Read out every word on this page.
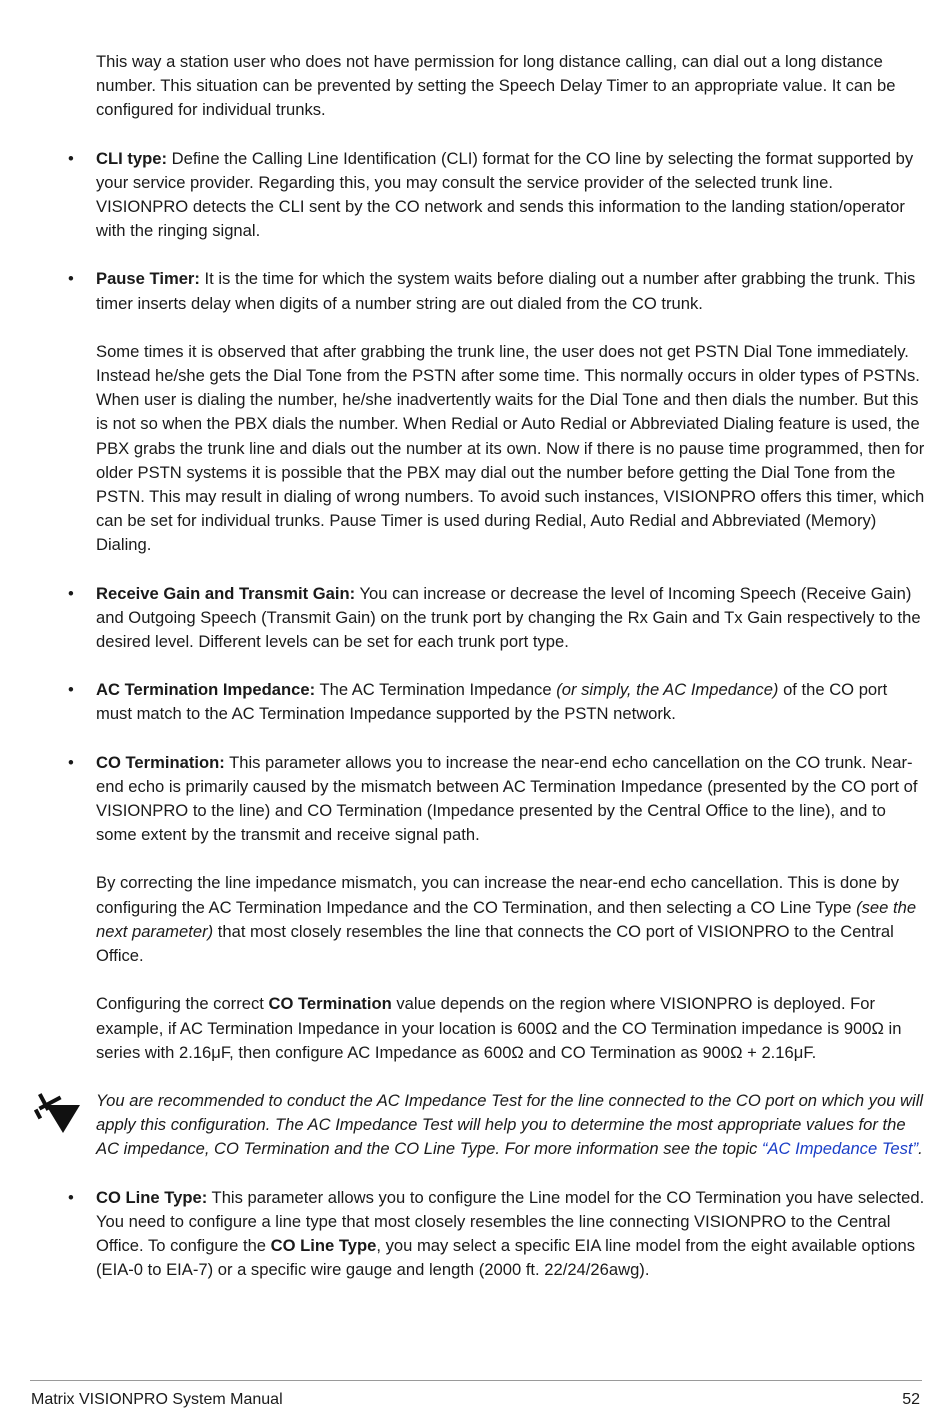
This way a station user who does not have permission for long distance calling, can dial out a long distance number. This situation can be prevented by setting the Speech Delay Timer to an appropriate value. It can be configured for individual trunks.

• CLI type: Define the Calling Line Identification (CLI) format for the CO line by selecting the format supported by your service provider. Regarding this, you may consult the service provider of the selected trunk line. VISIONPRO detects the CLI sent by the CO network and sends this information to the landing station/operator with the ringing signal.

• Pause Timer: It is the time for which the system waits before dialing out a number after grabbing the trunk. This timer inserts delay when digits of a number string are out dialed from the CO trunk.

Some times it is observed that after grabbing the trunk line, the user does not get PSTN Dial Tone immediately. Instead he/she gets the Dial Tone from the PSTN after some time. This normally occurs in older types of PSTNs. When user is dialing the number, he/she inadvertently waits for the Dial Tone and then dials the number. But this is not so when the PBX dials the number. When Redial or Auto Redial or Abbreviated Dialing feature is used, the PBX grabs the trunk line and dials out the number at its own. Now if there is no pause time programmed, then for older PSTN systems it is possible that the PBX may dial out the number before getting the Dial Tone from the PSTN. This may result in dialing of wrong numbers. To avoid such instances, VISIONPRO offers this timer, which can be set for individual trunks. Pause Timer is used during Redial, Auto Redial and Abbreviated (Memory) Dialing.

• Receive Gain and Transmit Gain: You can increase or decrease the level of Incoming Speech (Receive Gain) and Outgoing Speech (Transmit Gain) on the trunk port by changing the Rx Gain and Tx Gain respectively to the desired level. Different levels can be set for each trunk port type.

• AC Termination Impedance: The AC Termination Impedance (or simply, the AC Impedance) of the CO port must match to the AC Termination Impedance supported by the PSTN network.

• CO Termination: This parameter allows you to increase the near-end echo cancellation on the CO trunk. Near-end echo is primarily caused by the mismatch between AC Termination Impedance (presented by the CO port of VISIONPRO to the line) and CO Termination (Impedance presented by the Central Office to the line), and to some extent by the transmit and receive signal path.

By correcting the line impedance mismatch, you can increase the near-end echo cancellation. This is done by configuring the AC Termination Impedance and the CO Termination, and then selecting a CO Line Type (see the next parameter) that most closely resembles the line that connects the CO port of VISIONPRO to the Central Office.

Configuring the correct CO Termination value depends on the region where VISIONPRO is deployed. For example, if AC Termination Impedance in your location is 600Ω and the CO Termination impedance is 900Ω in series with 2.16μF, then configure AC Impedance as 600Ω and CO Termination as 900Ω + 2.16μF.

You are recommended to conduct the AC Impedance Test for the line connected to the CO port on which you will apply this configuration. The AC Impedance Test will help you to determine the most appropriate values for the AC impedance, CO Termination and the CO Line Type. For more information see the topic “AC Impedance Test”.

• CO Line Type: This parameter allows you to configure the Line model for the CO Termination you have selected. You need to configure a line type that most closely resembles the line connecting VISIONPRO to the Central Office. To configure the CO Line Type, you may select a specific EIA line model from the eight available options (EIA-0 to EIA-7) or a specific wire gauge and length (2000 ft. 22/24/26awg).

Matrix VISIONPRO System Manual	52
